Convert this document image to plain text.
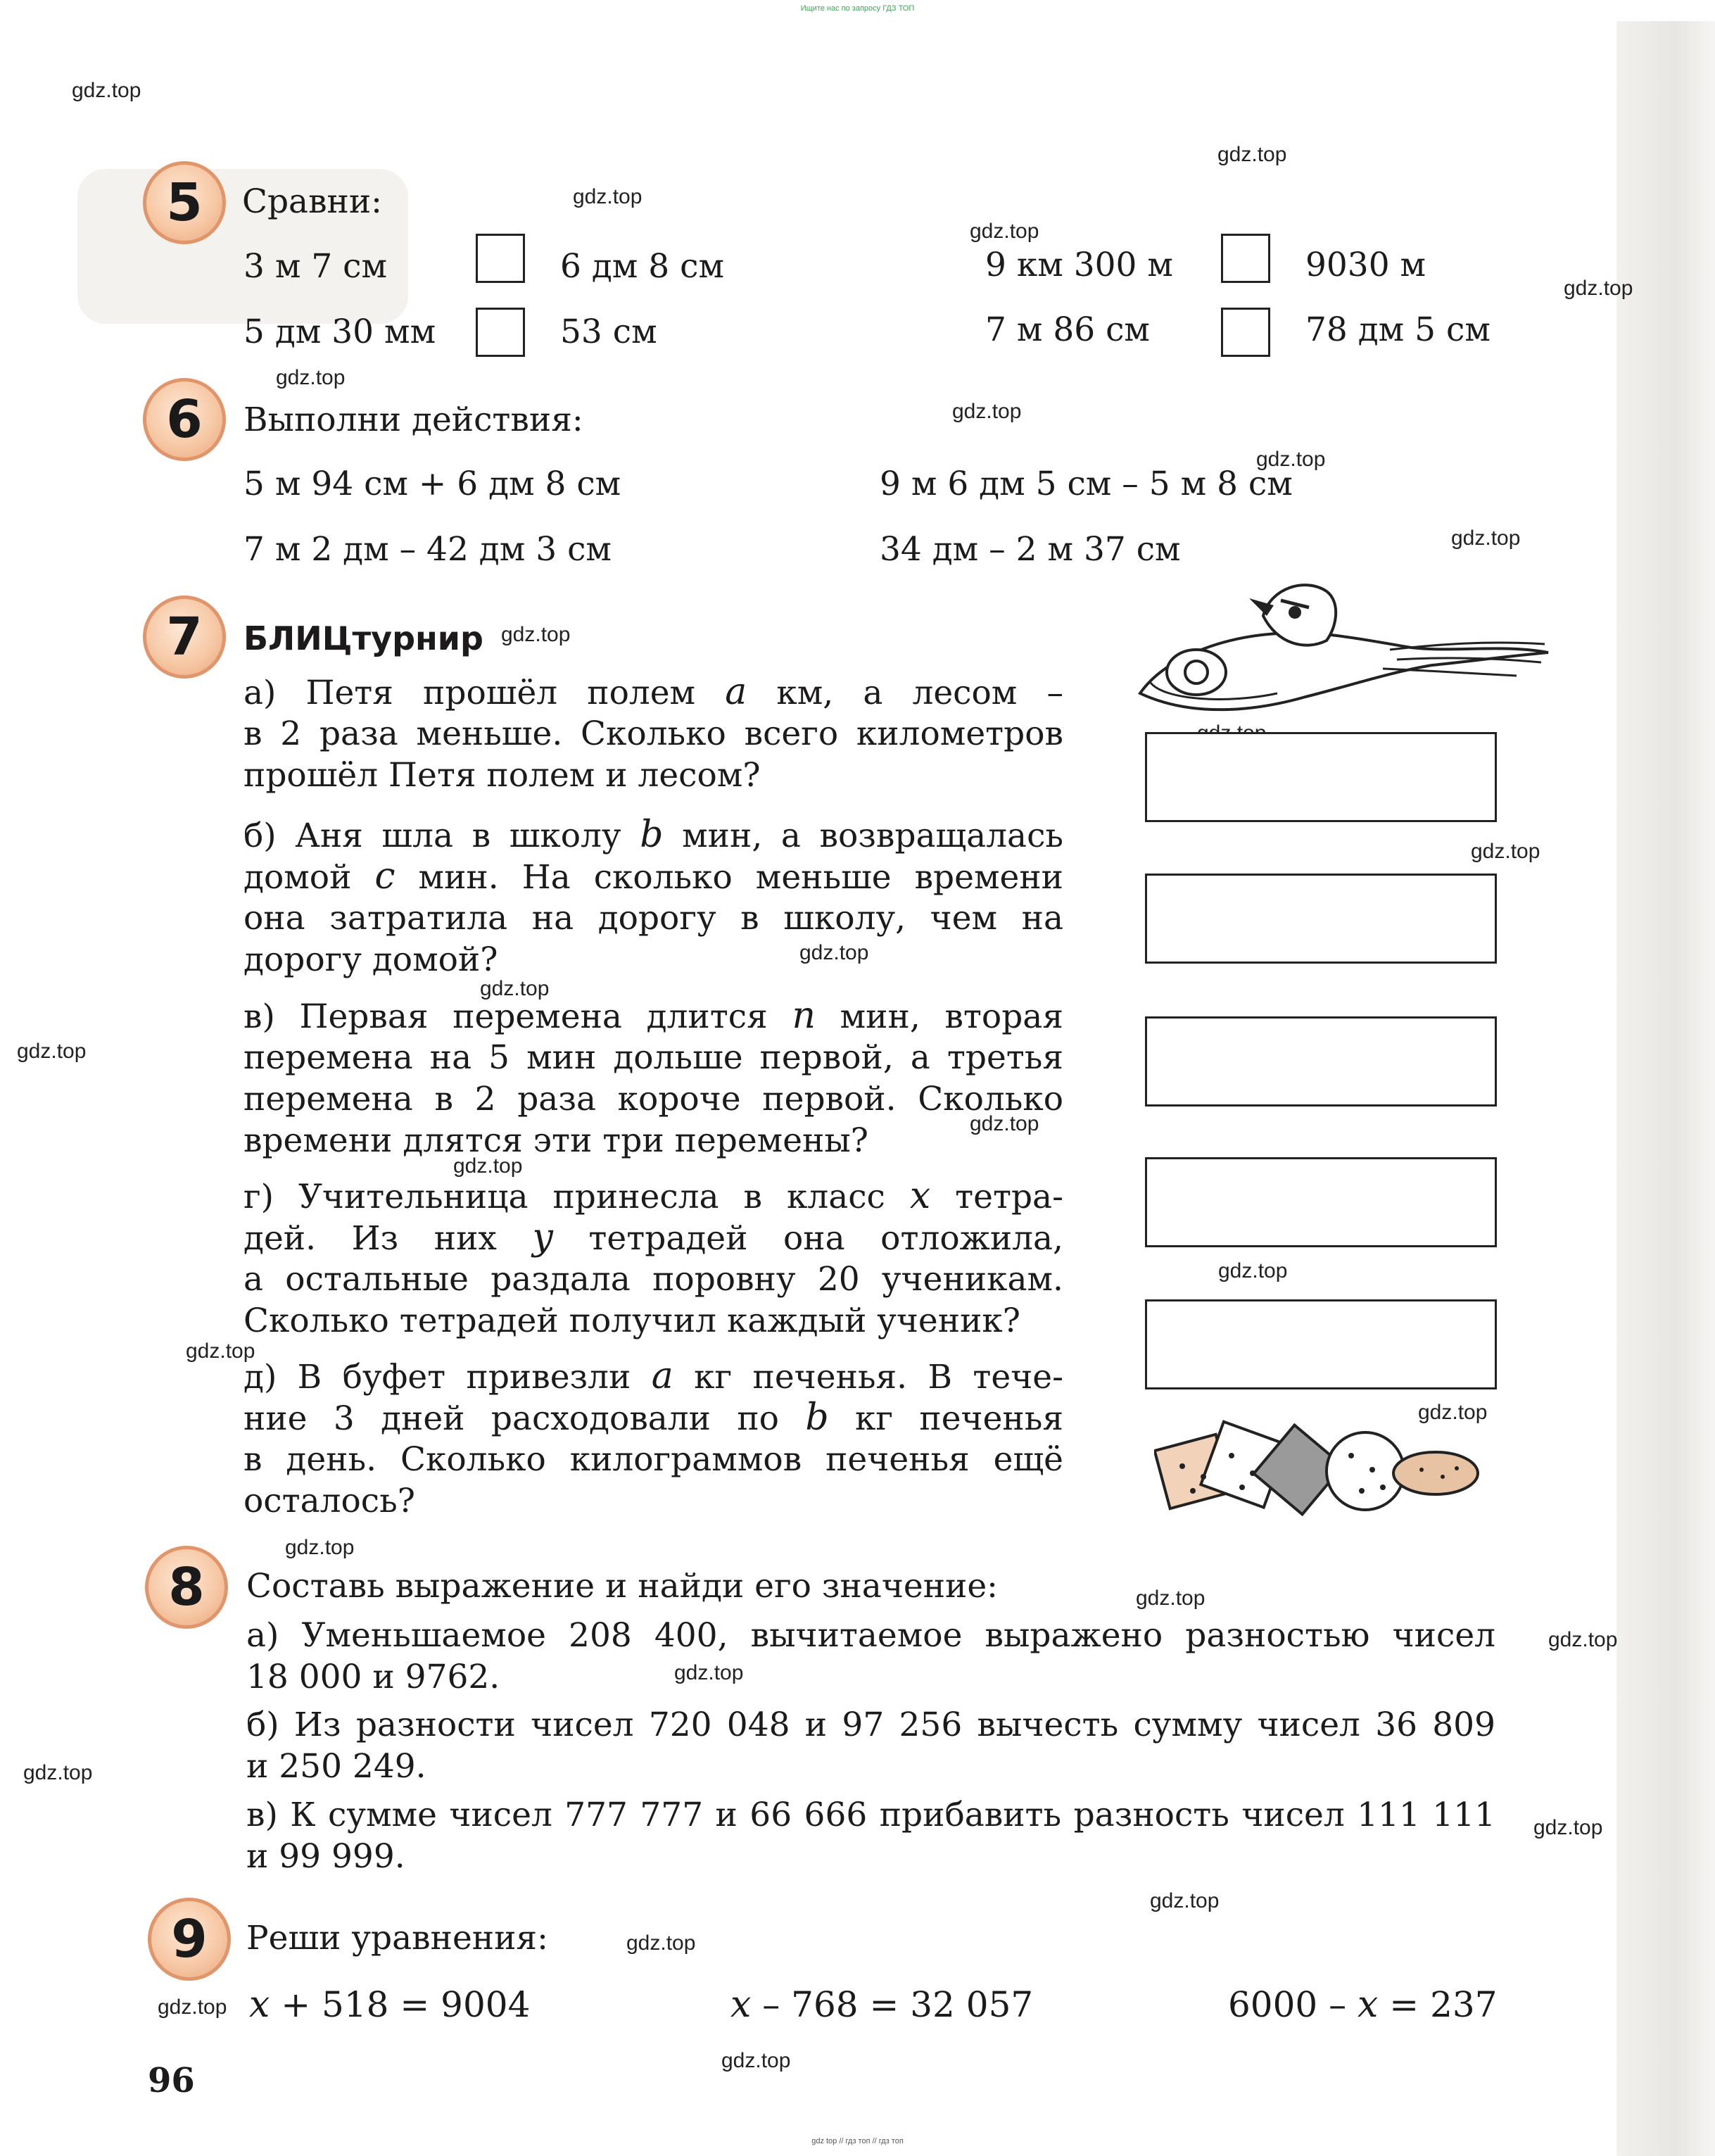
Ищите нас по запросу ГДЗ ТОП
gdz.top
gdz.top
gdz.top
gdz.top
gdz.top
gdz.top
gdz.top
gdz.top
gdz.top
gdz.top
gdz.top
gdz.top
gdz.top
gdz.top
gdz.top
gdz.top
gdz.top
gdz.top
gdz.top
gdz.top
gdz.top
gdz.top
gdz.top
gdz.top
gdz.top
gdz.top
gdz.top
gdz.top
gdz.top
5	Сравни:
3 м 7 см	6 дм 8 см
5 дм 30 мм	53 см
9 км 300 м	9030 м
7 м 86 см	78 дм 5 см
6	Выполни действия:
5 м 94 см + 6 дм 8 см	9 м 6 дм 5 см – 5 м 8 см
7 м 2 дм – 42 дм 3 см	34 дм – 2 м 37 см
7	БЛИЦтурнир
а) Петя прошёл полем a км, а лесом –
в 2 раза меньше. Сколько всего километров
прошёл Петя полем и лесом?
б) Аня шла в школу b мин, а возвращалась
домой c мин. На сколько меньше времени
она затратила на дорогу в школу, чем на
дорогу домой?
в) Первая перемена длится n мин, вторая
перемена на 5 мин дольше первой, а третья
перемена в 2 раза короче первой. Сколько
времени длятся эти три перемены?
г) Учительница принесла в класс x тетра-
дей. Из них y тетрадей она отложила,
а остальные раздала поровну 20 ученикам.
Сколько тетрадей получил каждый ученик?
д) В буфет привезли a кг печенья. В тече-
ние 3 дней расходовали по b кг печенья
в день. Сколько килограммов печенья ещё
осталось?
8	Составь выражение и найди его значение:
а) Уменьшаемое 208 400, вычитаемое выражено разностью чисел
18 000 и 9762.
б) Из разности чисел 720 048 и 97 256 вычесть сумму чисел 36 809
и 250 249.
в) К сумме чисел 777 777 и 66 666 прибавить разность чисел 111 111
и 99 999.
9	Реши уравнения:
x + 518 = 9004	x – 768 = 32 057	6000 – x = 237
96
gdz top // гдз топ // гдз топ
